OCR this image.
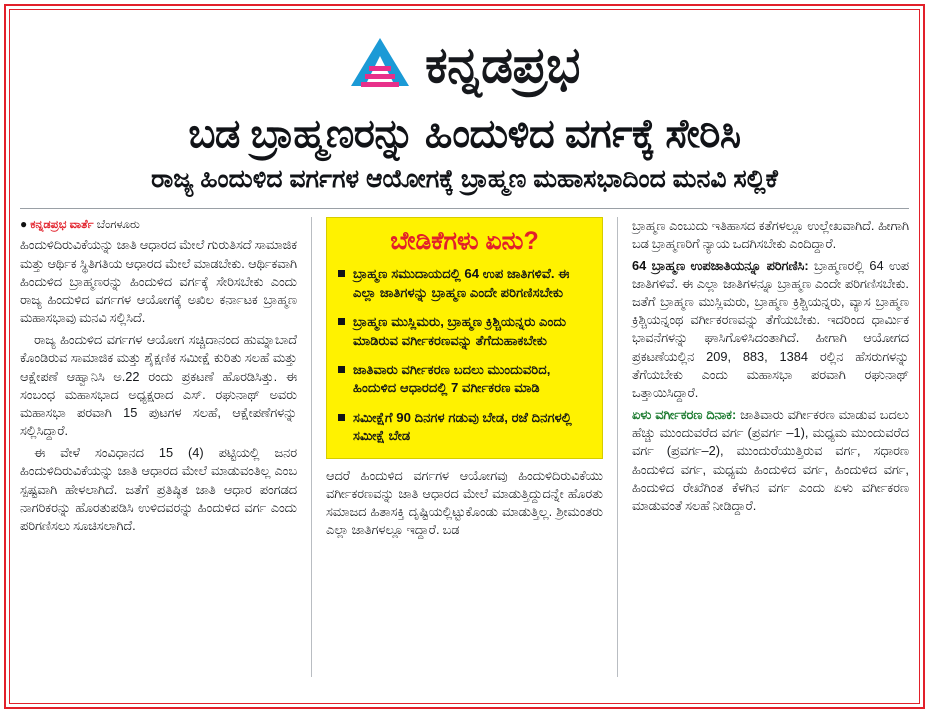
ಕನ್ನಡಪ್ರಭ
ಬಡ ಬ್ರಾಹ್ಮಣರನ್ನು ಹಿಂದುಳಿದ ವರ್ಗಕ್ಕೆ ಸೇರಿಸಿ
ರಾಜ್ಯ ಹಿಂದುಳಿದ ವರ್ಗಗಳ ಆಯೋಗಕ್ಕೆ ಬ್ರಾಹ್ಮಣ ಮಹಾಸಭಾದಿಂದ ಮನವಿ ಸಲ್ಲಿಕೆ
● ಕನ್ನಡಪ್ರಭ ವಾರ್ತೆ ಬೆಂಗಳೂರು

ಹಿಂದುಳಿದಿರುವಿಕೆಯನ್ನು ಜಾತಿ ಆಧಾರದ ಮೇಲೆ ಗುರುತಿಸದೆ ಸಾಮಾಜಿಕ ಮತ್ತು ಆರ್ಥಿಕ ಸ್ಥಿತಿಗತಿಯ ಆಧಾರದ ಮೇಲೆ ಮಾಡಬೇಕು. ಆರ್ಥಿಕವಾಗಿ ಹಿಂದುಳಿದ ಬ್ರಾಹ್ಮಣರನ್ನು ಹಿಂದುಳಿದ ವರ್ಗಕ್ಕೆ ಸೇರಿಸಬೇಕು ಎಂದು ರಾಜ್ಯ ಹಿಂದುಳಿದ ವರ್ಗಗಳ ಆಯೋಗಕ್ಕೆ ಅಖಿಲ ಕರ್ನಾಟಕ ಬ್ರಾಹ್ಮಣ ಮಹಾಸಭಾವು ಮನವಿ ಸಲ್ಲಿಸಿದೆ.

ರಾಜ್ಯ ಹಿಂದುಳಿದ ವರ್ಗಗಳ ಆಯೋಗ ಸಚ್ಚಿದಾನಂದ ಹುಮ್ನಾಬಾದೆ ಕೊಂಡಿರುವ ಸಾಮಾಜಿಕ ಮತ್ತು ಶೈಕ್ಷಣಿಕ ಸಮೀಕ್ಷೆ ಕುರಿತು ಸಲಹೆ ಮತ್ತು ಆಕ್ಷೇಪಣೆ ಆಹ್ವಾನಿಸಿ ಅ.22 ರಂದು ಪ್ರಕಟಣೆ ಹೊರಡಿಸಿತ್ತು. ಈ ಸಂಬಂಧ ಮಹಾಸಭಾದ ಅಧ್ಯಕ್ಷರಾದ ಎಸ್. ರಘುನಾಥ್ ಅವರು ಮಹಾಸಭಾ ಪರವಾಗಿ 15 ಪುಟಗಳ ಸಲಹೆ, ಆಕ್ಷೇಪಣೆಗಳನ್ನು ಸಲ್ಲಿಸಿದ್ದಾರೆ.

ಈ ವೇಳೆ ಸಂವಿಧಾನದ 15 (4) ಪಟ್ಟಿಯಲ್ಲಿ ಜನರ ಹಿಂದುಳಿದಿರುವಿಕೆಯನ್ನು ಜಾತಿ ಆಧಾರದ ಮೇಲೆ ಮಾಡುವಂತಿಲ್ಲ ಎಂಬ ಸ್ಪಷ್ಟವಾಗಿ ಹೇಳಲಾಗಿದೆ. ಜತೆಗೆ ಪ್ರತಿಷ್ಠಿತ ಜಾತಿ ಆಧಾರ ಪಂಗಡದ ನಾಗರಿಕರನ್ನು ಹೊರತುಪಡಿಸಿ ಉಳಿದವರನ್ನು ಹಿಂದುಳಿದ ವರ್ಗ ಎಂದು ಪರಿಗಣಿಸಲು ಸೂಚಿಸಲಾಗಿದೆ.

ಬೇಡಿಕೆಗಳು ಏನು?
ಬ್ರಾಹ್ಮಣ ಸಮುದಾಯದಲ್ಲಿ 64 ಉಪ ಜಾತಿಗಳಿವೆ. ಈ ಎಲ್ಲಾ ಜಾತಿಗಳನ್ನು ಬ್ರಾಹ್ಮಣ ಎಂದೇ ಪರಿಗಣಿಸಬೇಕು
ಬ್ರಾಹ್ಮಣ ಮುಸ್ಲಿಮರು, ಬ್ರಾಹ್ಮಣ ಕ್ರಿಶ್ಚಿಯನ್ನರು ಎಂದು ಮಾಡಿರುವ ವರ್ಗೀಕರಣವನ್ನು ತೆಗೆದುಹಾಕಬೇಕು
ಜಾತಿವಾರು ವರ್ಗೀಕರಣ ಬದಲು ಮುಂದುವರಿದ, ಹಿಂದುಳಿದ ಆಧಾರದಲ್ಲಿ 7 ವರ್ಗೀಕರಣ ಮಾಡಿ
ಸಮೀಕ್ಷೆಗೆ 90 ದಿನಗಳ ಗಡುವು ಬೇಡ, ರಜೆ ದಿನಗಳಲ್ಲಿ ಸಮೀಕ್ಷೆ ಬೇಡ

ಆದರೆ ಹಿಂದುಳಿದ ವರ್ಗಗಳ ಆಯೋಗವು ಹಿಂದುಳಿದಿರುವಿಕೆಯು ವರ್ಗೀಕರಣವನ್ನು ಜಾತಿ ಆಧಾರದ ಮೇಲೆ ಮಾಡುತ್ತಿದ್ದುದನ್ನೇ ಹೊರತು ಸಮಾಜದ ಹಿತಾಸಕ್ತಿ ದೃಷ್ಟಿಯಲ್ಲಿಟ್ಟುಕೊಂಡು ಮಾಡುತ್ತಿಲ್ಲ. ಶ್ರೀಮಂತರು ಎಲ್ಲಾ ಜಾತಿಗಳಲ್ಲೂ ಇದ್ದಾರೆ. ಬಡ

ಬ್ರಾಹ್ಮಣ ಎಂಬುದು ಇತಿಹಾಸದ ಕತೆಗಳಲ್ಲೂ ಉಲ್ಲೇಖವಾಗಿದೆ. ಹೀಗಾಗಿ ಬಡ ಬ್ರಾಹ್ಮಣರಿಗೆ ನ್ಯಾಯ ಒದಗಿಸಬೇಕು ಎಂದಿದ್ದಾರೆ.

64 ಬ್ರಾಹ್ಮಣ ಉಪಜಾತಿಯನ್ನೂ ಪರಿಗಣಿಸಿ: ಬ್ರಾಹ್ಮಣರಲ್ಲಿ 64 ಉಪ ಜಾತಿಗಳಿವೆ. ಈ ಎಲ್ಲಾ ಜಾತಿಗಳನ್ನೂ ಬ್ರಾಹ್ಮಣ ಎಂದೇ ಪರಿಗಣಿಸಬೇಕು. ಜತೆಗೆ ಬ್ರಾಹ್ಮಣ ಮುಸ್ಲಿಮರು, ಬ್ರಾಹ್ಮಣ ಕ್ರಿಶ್ಚಿಯನ್ನರು, ವ್ಯಾಸ ಬ್ರಾಹ್ಮಣ ಕ್ರಿಶ್ಚಿಯನ್ನಂಥ ವರ್ಗೀಕರಣವನ್ನು ತೆಗೆಯಬೇಕು. ಇದರಿಂದ ಧಾರ್ಮಿಕ ಭಾವನೆಗಳನ್ನು ಘಾಸಿಗೊಳಿಸಿದಂತಾಗಿದೆ. ಹೀಗಾಗಿ ಆಯೋಗದ ಪ್ರಕಟಣೆಯಲ್ಲಿನ 209, 883, 1384 ರಲ್ಲಿನ ಹೆಸರುಗಳನ್ನು ತೆಗೆಯಬೇಕು ಎಂದು ಮಹಾಸಭಾ ಪರವಾಗಿ ರಘುನಾಥ್ ಒತ್ತಾಯಿಸಿದ್ದಾರೆ.

ಏಳು ವರ್ಗೀಕರಣ ದಿನಾಕ: ಜಾತಿವಾರು ವರ್ಗೀಕರಣ ಮಾಡುವ ಬದಲು ಹೆಚ್ಚು ಮುಂದುವರೆದ ವರ್ಗ (ಪ್ರವರ್ಗ –1), ಮಧ್ಯಮ ಮುಂದುವರೆದ ವರ್ಗ (ಪ್ರವರ್ಗ–2), ಮುಂದುರೆಯುತ್ತಿರುವ ವರ್ಗ, ಸಧಾರಣ ಹಿಂದುಳಿದ ವರ್ಗ, ಮಧ್ಯಮ ಹಿಂದುಳಿದ ವರ್ಗ, ಹಿಂದುಳಿದ ವರ್ಗ, ಹಿಂದುಳಿದ ರೇಖೆಗಿಂತ ಕೆಳಗಿನ ವರ್ಗ ಎಂದು ಏಳು ವರ್ಗೀಕರಣ ಮಾಡುವಂತೆ ಸಲಹೆ ನೀಡಿದ್ದಾರೆ.
